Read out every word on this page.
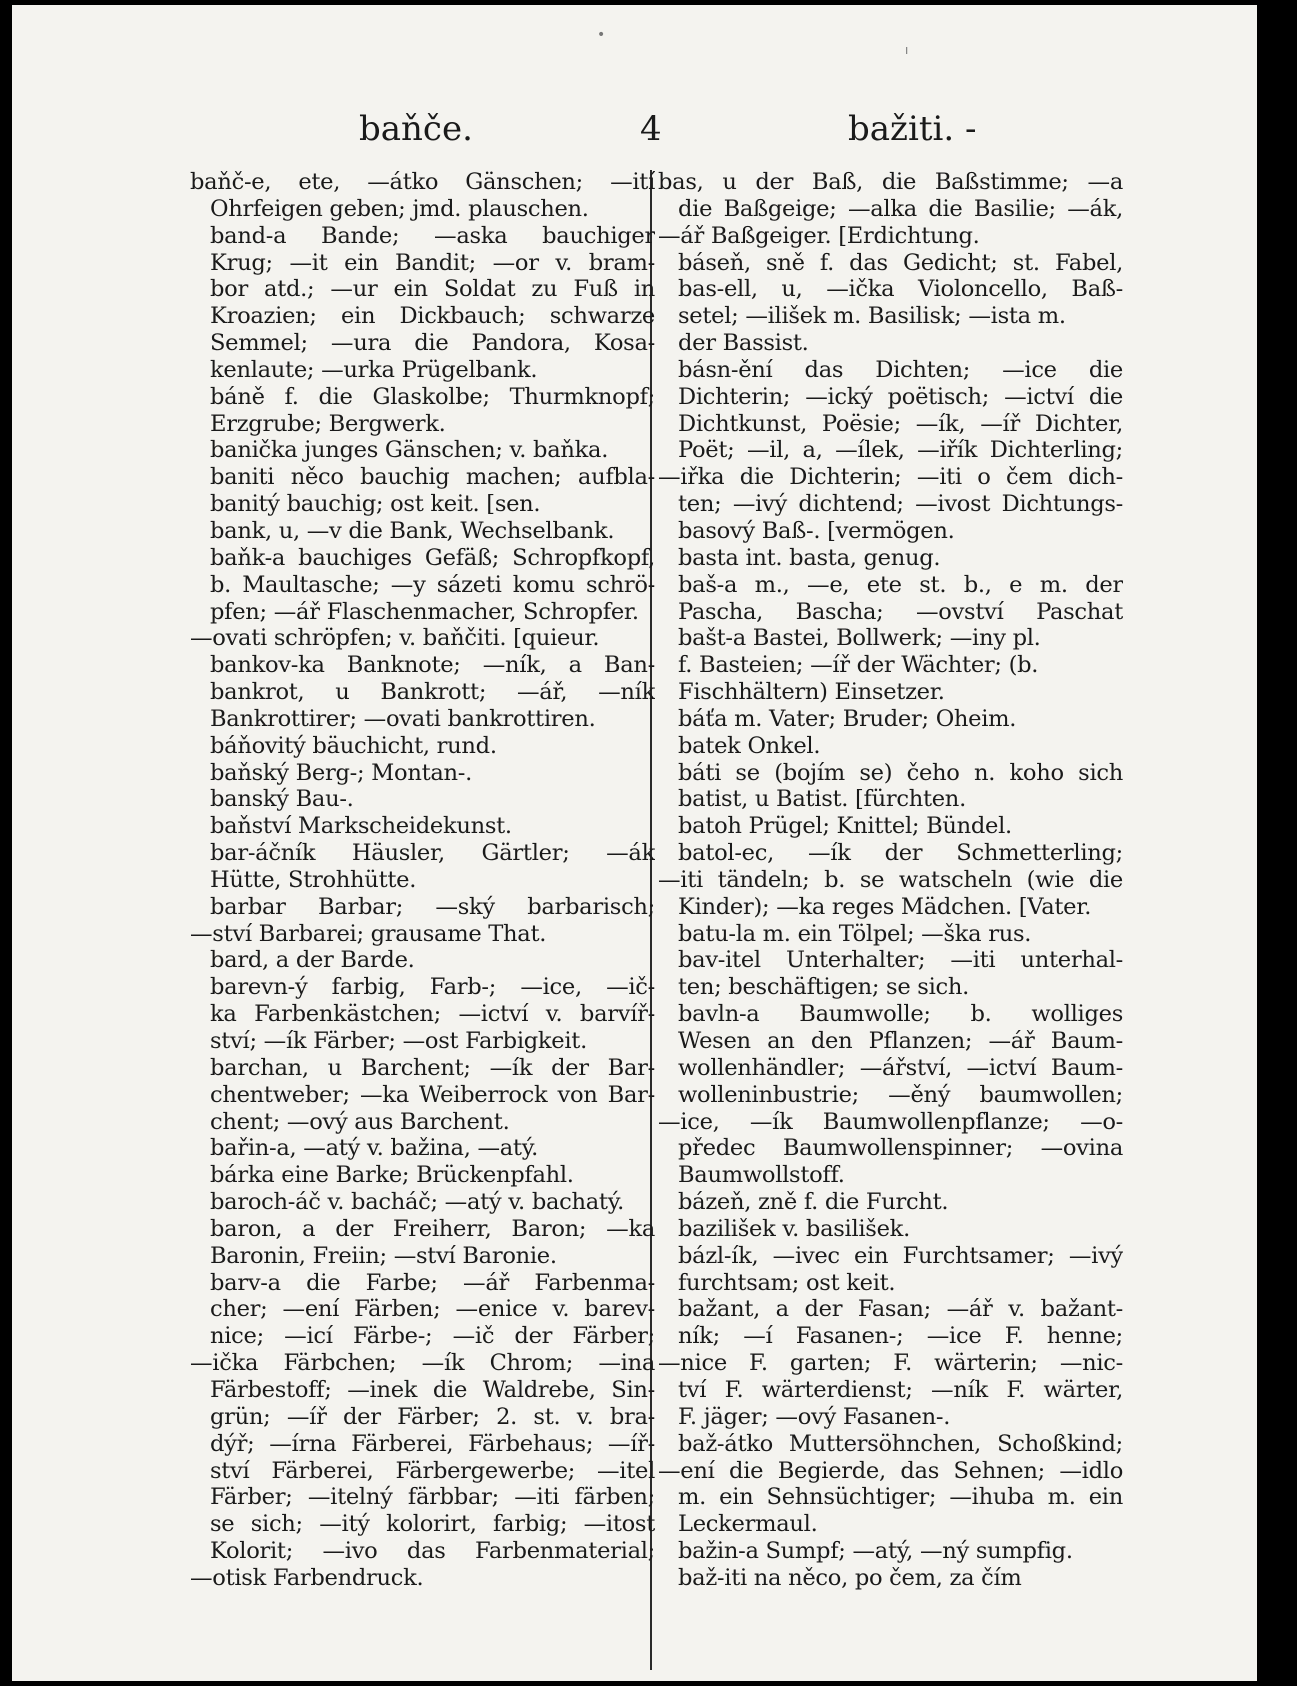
•
ı
baňče.	4	bažiti. -
baňč-e, ete, —átko Gänschen; —ití
Ohrfeigen geben; jmd. plauschen.
band-a Bande; —aska bauchiger
Krug; —it ein Bandit; —or v. bram-
bor atd.; —ur ein Soldat zu Fuß in
Kroazien; ein Dickbauch; schwarze
Semmel; —ura die Pandora, Kosa-
kenlaute; —urka Prügelbank.
báně f. die Glaskolbe; Thurmknopf;
Erzgrube; Bergwerk.
banička junges Gänschen; v. baňka.
baniti něco bauchig machen; aufbla-
banitý bauchig; ost keit. [sen.
bank, u, —v die Bank, Wechselbank.
baňk-a bauchiges Gefäß; Schropfkopf,
b. Maultasche; —y sázeti komu schrö-
pfen; —ář Flaschenmacher, Schropfer.
—ovati schröpfen; v. baňčiti. [quieur.
bankov-ka Banknote; —ník, a Ban-
bankrot, u Bankrott; —ář, —ník
Bankrottirer; —ovati bankrottiren.
báňovitý bäuchicht, rund.
baňský Berg-; Montan-.
banský Bau-.
baňství Markscheidekunst.
bar-áčník Häusler, Gärtler; —ák
Hütte, Strohhütte.
barbar Barbar; —ský barbarisch;
—ství Barbarei; grausame That.
bard, a der Barde.
barevn-ý farbig, Farb-; —ice, —ič-
ka Farbenkästchen; —ictví v. barvíř-
ství; —ík Färber; —ost Farbigkeit.
barchan, u Barchent; —ík der Bar-
chentweber; —ka Weiberrock von Bar-
chent; —ový aus Barchent.
bařin-a, —atý v. bažina, —atý.
bárka eine Barke; Brückenpfahl.
baroch-áč v. bacháč; —atý v. bachatý.
baron, a der Freiherr, Baron; —ka
Baronin, Freiin; —ství Baronie.
barv-a die Farbe; —ář Farbenma-
cher; —ení Färben; —enice v. barev-
nice; —icí Färbe-; —ič der Färber;
—ička Färbchen; —ík Chrom; —ina
Färbestoff; —inek die Waldrebe, Sin-
grün; —íř der Färber; 2. st. v. bra-
dýř; —írna Färberei, Färbehaus; —íř-
ství Färberei, Färbergewerbe; —itel
Färber; —itelný färbbar; —iti färben;
se sich; —itý kolorirt, farbig; —itost
Kolorit; —ivo das Farbenmaterial;
—otisk Farbendruck.
bas, u der Baß, die Baßstimme; —a
die Baßgeige; —alka die Basilie; —ák,
—ář Baßgeiger. [Erdichtung.
báseň, sně f. das Gedicht; st. Fabel,
bas-ell, u, —ička Violoncello, Baß-
setel; —ilišek m. Basilisk; —ista m.
der Bassist.
básn-ění das Dichten; —ice die
Dichterin; —ický poëtisch; —ictví die
Dichtkunst, Poësie; —ík, —íř Dichter,
Poët; —il, a, —ílek, —iřík Dichterling;
—iřka die Dichterin; —iti o čem dich-
ten; —ivý dichtend; —ivost Dichtungs-
basový Baß-. [vermögen.
basta int. basta, genug.
baš-a m., —e, ete st. b., e m. der
Pascha, Bascha; —ovství Paschat
bašt-a Bastei, Bollwerk; —iny pl.
f. Basteien; —íř der Wächter; (b.
Fischhältern) Einsetzer.
báťa m. Vater; Bruder; Oheim.
batek Onkel.
báti se (bojím se) čeho n. koho sich
batist, u Batist. [fürchten.
batoh Prügel; Knittel; Bündel.
batol-ec, —ík der Schmetterling;
—iti tändeln; b. se watscheln (wie die
Kinder); —ka reges Mädchen. [Vater.
batu-la m. ein Tölpel; —ška rus.
bav-itel Unterhalter; —iti unterhal-
ten; beschäftigen; se sich.
bavln-a Baumwolle; b. wolliges
Wesen an den Pflanzen; —ář Baum-
wollenhändler; —ářství, —ictví Baum-
wolleninbustrie; —ěný baumwollen;
—ice, —ík Baumwollenpflanze; —o-
předec Baumwollenspinner; —ovina
Baumwollstoff.
bázeň, zně f. die Furcht.
bazilišek v. basilišek.
bázl-ík, —ivec ein Furchtsamer; —ivý
furchtsam; ost keit.
bažant, a der Fasan; —ář v. bažant-
ník; —í Fasanen-; —ice F. henne;
—nice F. garten; F. wärterin; —nic-
tví F. wärterdienst; —ník F. wärter,
F. jäger; —ový Fasanen-.
baž-átko Muttersöhnchen, Schoßkind;
—ení die Begierde, das Sehnen; —idlo
m. ein Sehnsüchtiger; —ihuba m. ein
Leckermaul.
bažin-a Sumpf; —atý, —ný sumpfig.
baž-iti na něco, po čem, za čím
